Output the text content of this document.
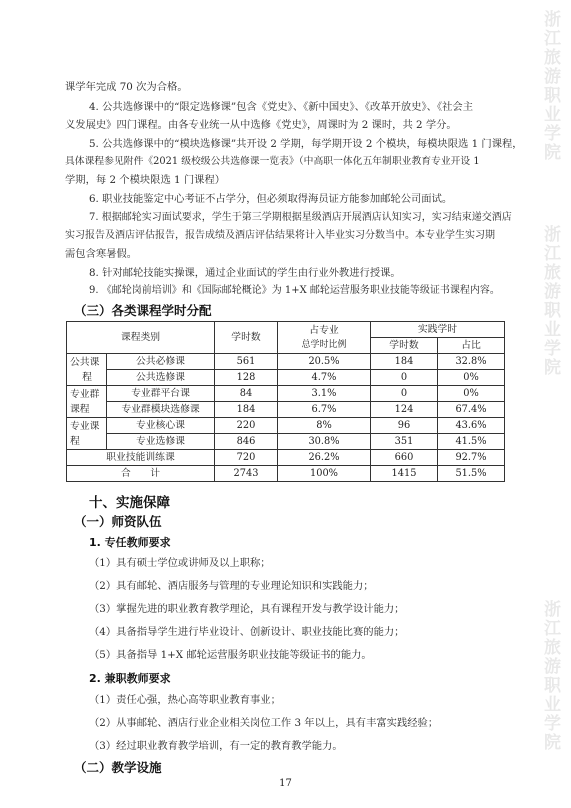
浙江旅游职业学院
浙江旅游职业学院
浙江旅游职业学院
课学年完成 70 次为合格。
4. 公共选修课中的“限定选修课”包含《党史》、《新中国史》、《改革开放史》、《社会主
义发展史》四门课程。由各专业统一从中选修《党史》，周课时为 2 课时，共 2 学分。
5. 公共选修课中的“模块选修课”共开设 2 学期，每学期开设 2 个模块，每模块限选 1 门课程，
具体课程参见附件《2021 级校级公共选修课一览表》（中高职一体化五年制职业教育专业开设 1
学期，每 2 个模块限选 1 门课程）
6. 职业技能鉴定中心考证不占学分，但必须取得海员证方能参加邮轮公司面试。
7. 根据邮轮实习面试要求，学生于第三学期根据星级酒店开展酒店认知实习，实习结束递交酒店
实习报告及酒店评估报告，报告成绩及酒店评估结果将计入毕业实习分数当中。本专业学生实习期
需包含寒暑假。
8. 针对邮轮技能实操课，通过企业面试的学生由行业外教进行授课。
9. 《邮轮岗前培训》和《国际邮轮概论》为 1+X 邮轮运营服务职业技能等级证书课程内容。
（三）各类课程学时分配
课程类别		学时数	占专业
总学时比例	实践学时	
				学时数	占比

公共课
程	公共必修课	561	20.5%	184	32.8%
	公共选修课	128	4.7%	0	0%

专业群
课程	专业群平台课	84	3.1%	0	0%
	专业群模块选修课	184	6.7%	124	67.4%

专业课
程	专业核心课	220	8%	96	43.6%
	专业选修课	846	30.8%	351	41.5%
职业技能训练课		720	26.2%	660	92.7%
合　　计		2743	100%	1415	51.5%
十、实施保障
（一）师资队伍
1. 专任教师要求
（1）具有硕士学位或讲师及以上职称；
（2）具有邮轮、酒店服务与管理的专业理论知识和实践能力；
（3）掌握先进的职业教育教学理论，具有课程开发与教学设计能力；
（4）具备指导学生进行毕业设计、创新设计、职业技能比赛的能力；
（5）具备指导 1+X 邮轮运营服务职业技能等级证书的能力。
2. 兼职教师要求
（1）责任心强，热心高等职业教育事业；
（2）从事邮轮、酒店行业企业相关岗位工作 3 年以上，具有丰富实践经验；
（3）经过职业教育教学培训，有一定的教育教学能力。
（二）教学设施
17
